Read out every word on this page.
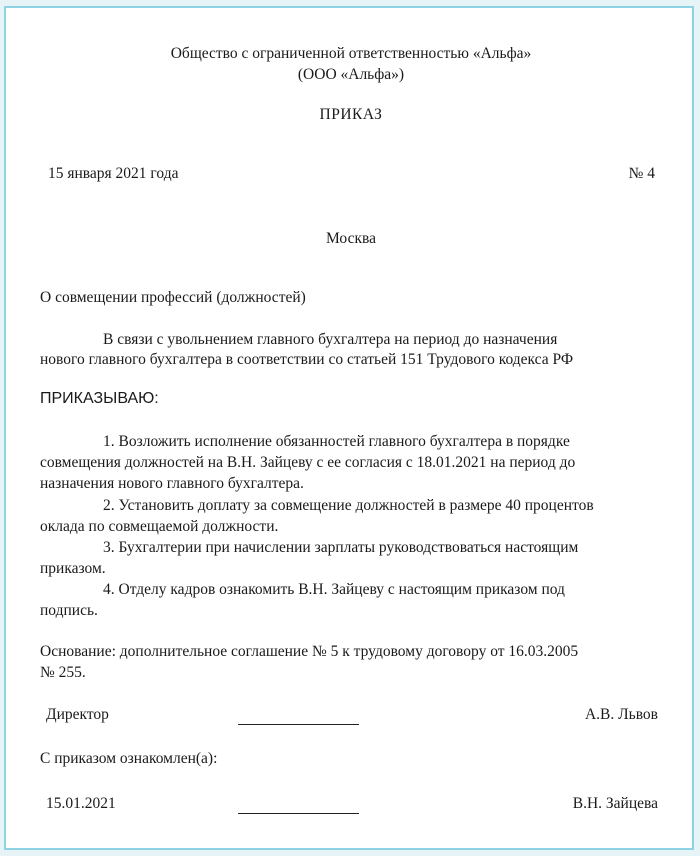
Общество с ограниченной ответственностью «Альфа»
(ООО «Альфа»)
ПРИКАЗ
15 января 2021 года	№ 4
Москва
О совмещении профессий (должностей)
В связи с увольнением главного бухгалтера на период до назначения
нового главного бухгалтера в соответствии со статьей 151 Трудового кодекса РФ
ПРИКАЗЫВАЮ:
1. Возложить исполнение обязанностей главного бухгалтера в порядке
совмещения должностей на В.Н. Зайцеву с ее согласия с 18.01.2021 на период до
назначения нового главного бухгалтера.
2. Установить доплату за совмещение должностей в размере 40 процентов
оклада по совмещаемой должности.
3. Бухгалтерии при начислении зарплаты руководствоваться настоящим
приказом.
4. Отделу кадров ознакомить В.Н. Зайцеву с настоящим приказом под
подпись.
Основание: дополнительное соглашение № 5 к трудовому договору от 16.03.2005
№ 255.
Директор	А.В. Львов
С приказом ознакомлен(а):
15.01.2021	В.Н. Зайцева
